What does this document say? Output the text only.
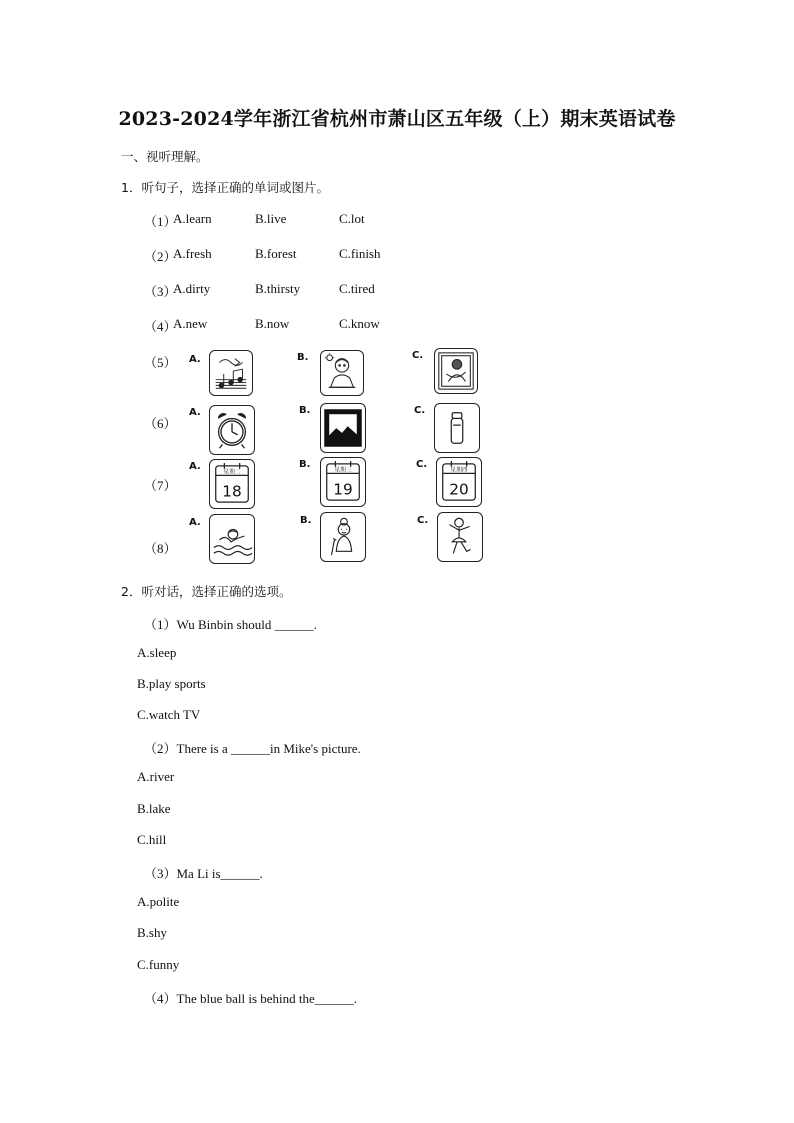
2023-2024学年浙江省杭州市萧山区五年级（上）期末英语试卷
一、视听理解。
1．听句子，选择正确的单词或图片。
（1）
A.learn	B.live	C.lot
（2）
A.fresh	B.forest	C.finish
（3）
A.dirty	B.thirsty	C.tired
（4）
A.new	B.now	C.know
（5） A.	B.	C.
（6）
A.	B.	C.
（7）
A.
星期二
18
B.
星期三
19
C.
星期四
20
（8）
A.	B.	C.
2．听对话，选择正确的选项。
（1）Wu Binbin should ______.
A.sleep
B.play sports
C.watch TV
（2）There is a ______in Mike's picture.
A.river
B.lake
C.hill
（3）Ma Li is______.
A.polite
B.shy
C.funny
（4）The blue ball is behind the______.
